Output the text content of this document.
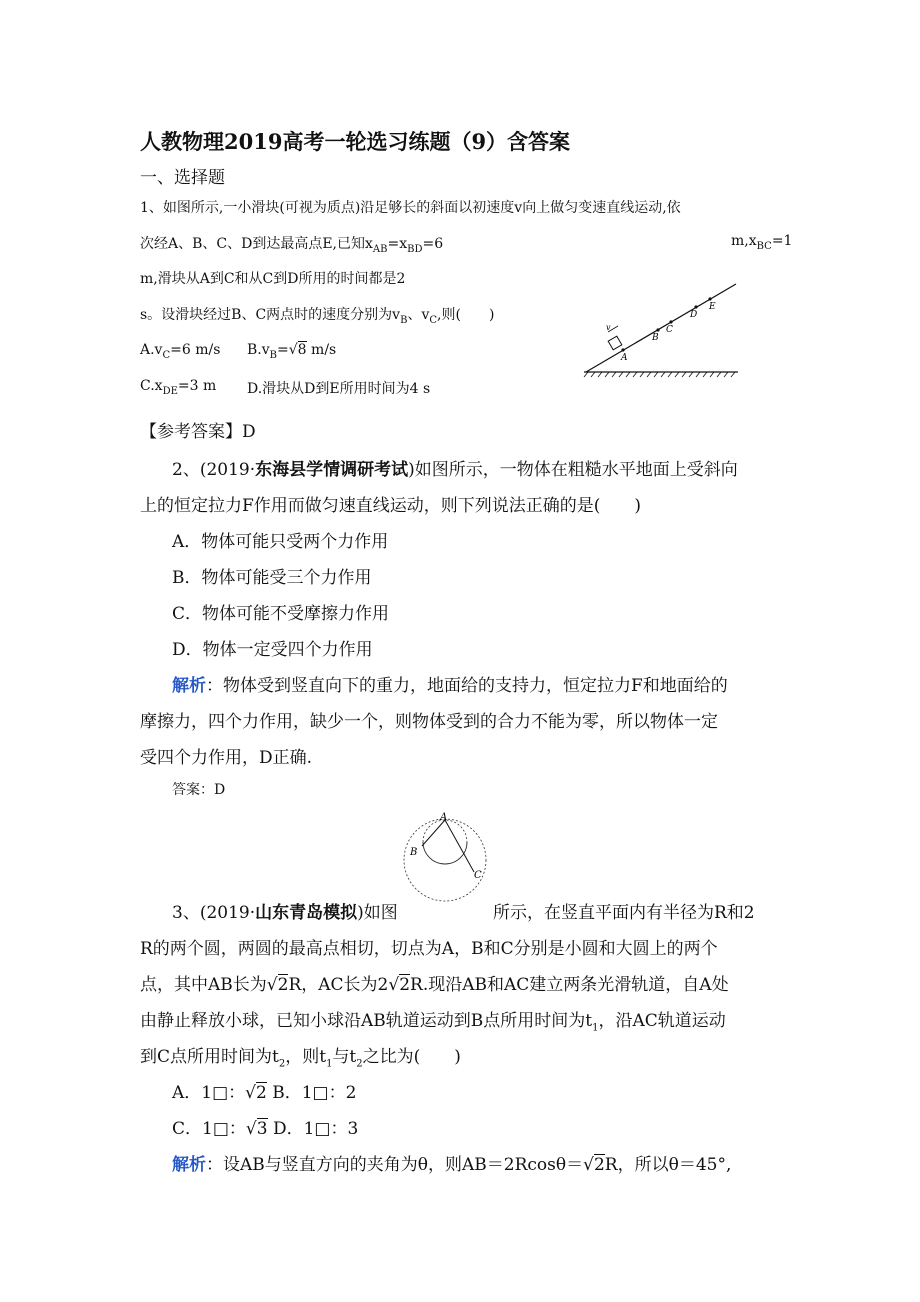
人教物理2019高考一轮选习练题（9）含答案
一、选择题
1、如图所示,一小滑块(可视为质点)沿足够长的斜面以初速度v向上做匀变速直线运动,依
次经A、B、C、D到达最高点E,已知$x_{AB}=x_{BD}=6$	$m,x_{BC}=1$
m,滑块从A到C和从C到D所用的时间都是2
s。设滑块经过B、C两点时的速度分别为$v_B$、$v_C$,则(　　)
$A.v_C=6$ m/s $B.v_B=√8$ m/s
$C.x_{DE}=3$ m D.滑块从D到E所用时间为4 s
v
A
B
C
D
E
【参考答案】D
2、(2019·东海县学情调研考试)如图所示，一物体在粗糙水平地面上受斜向
上的恒定拉力F作用而做匀速直线运动，则下列说法正确的是(　　)
A．物体可能只受两个力作用
B．物体可能受三个力作用
C．物体可能不受摩擦力作用
D．物体一定受四个力作用
解析：物体受到竖直向下的重力，地面给的支持力，恒定拉力F和地面给的
摩擦力，四个力作用，缺少一个，则物体受到的合力不能为零，所以物体一定
受四个力作用，D正确.
答案：D
A
B
C
3、(2019·山东青岛模拟)如图	所示，在竖直平面内有半径为R和2
R的两个圆，两圆的最高点相切，切点为A，B和C分别是小圆和大圆上的两个
点，其中AB长为√2R，AC长为2√2R.现沿AB和AC建立两条光滑轨道，自A处
由静止释放小球，已知小球沿AB轨道运动到B点所用时间为$t_1$，沿AC轨道运动
到C点所用时间为$t_2$，则$t_1$与$t_2$之比为(　　)
A．1□：√2 B．1□：2
C．1□：√3 D．1□：3
解析：设AB与竖直方向的夹角为θ，则AB＝2Rcosθ＝√2R，所以θ＝45°,
